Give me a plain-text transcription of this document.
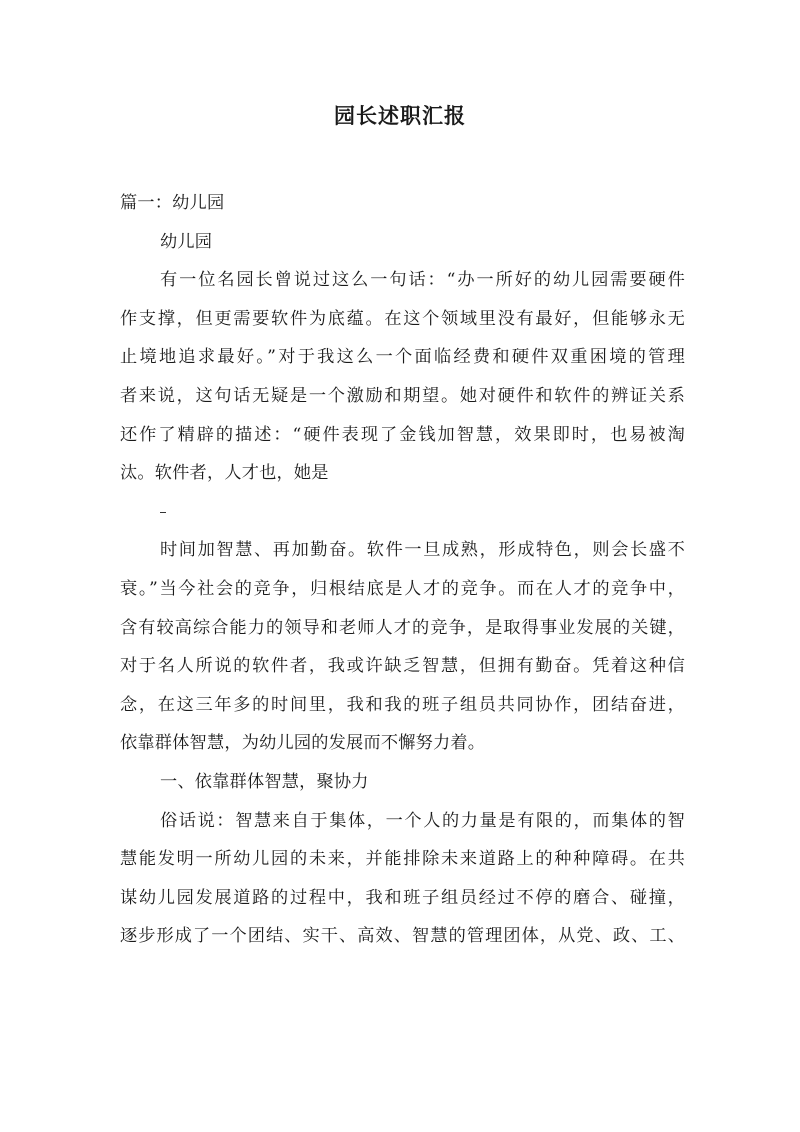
园长述职汇报
篇一：幼儿园
幼儿园
有一位名园长曾说过这么一句话：“办一所好的幼儿园需要硬件
作支撑，但更需要软件为底蕴。在这个领域里没有最好，但能够永无
止境地追求最好。”对于我这么一个面临经费和硬件双重困境的管理
者来说，这句话无疑是一个激励和期望。她对硬件和软件的辨证关系
还作了精辟的描述：“硬件表现了金钱加智慧，效果即时，也易被淘
汰。软件者，人才也，她是
时间加智慧、再加勤奋。软件一旦成熟，形成特色，则会长盛不
衰。”当今社会的竞争，归根结底是人才的竞争。而在人才的竞争中，
含有较高综合能力的领导和老师人才的竞争，是取得事业发展的关键，
对于名人所说的软件者，我或许缺乏智慧，但拥有勤奋。凭着这种信
念，在这三年多的时间里，我和我的班子组员共同协作，团结奋进，
依靠群体智慧，为幼儿园的发展而不懈努力着。
一、依靠群体智慧，聚协力
俗话说：智慧来自于集体，一个人的力量是有限的，而集体的智
慧能发明一所幼儿园的未来，并能排除未来道路上的种种障碍。在共
谋幼儿园发展道路的过程中，我和班子组员经过不停的磨合、碰撞，
逐步形成了一个团结、实干、高效、智慧的管理团体，从党、政、工、
